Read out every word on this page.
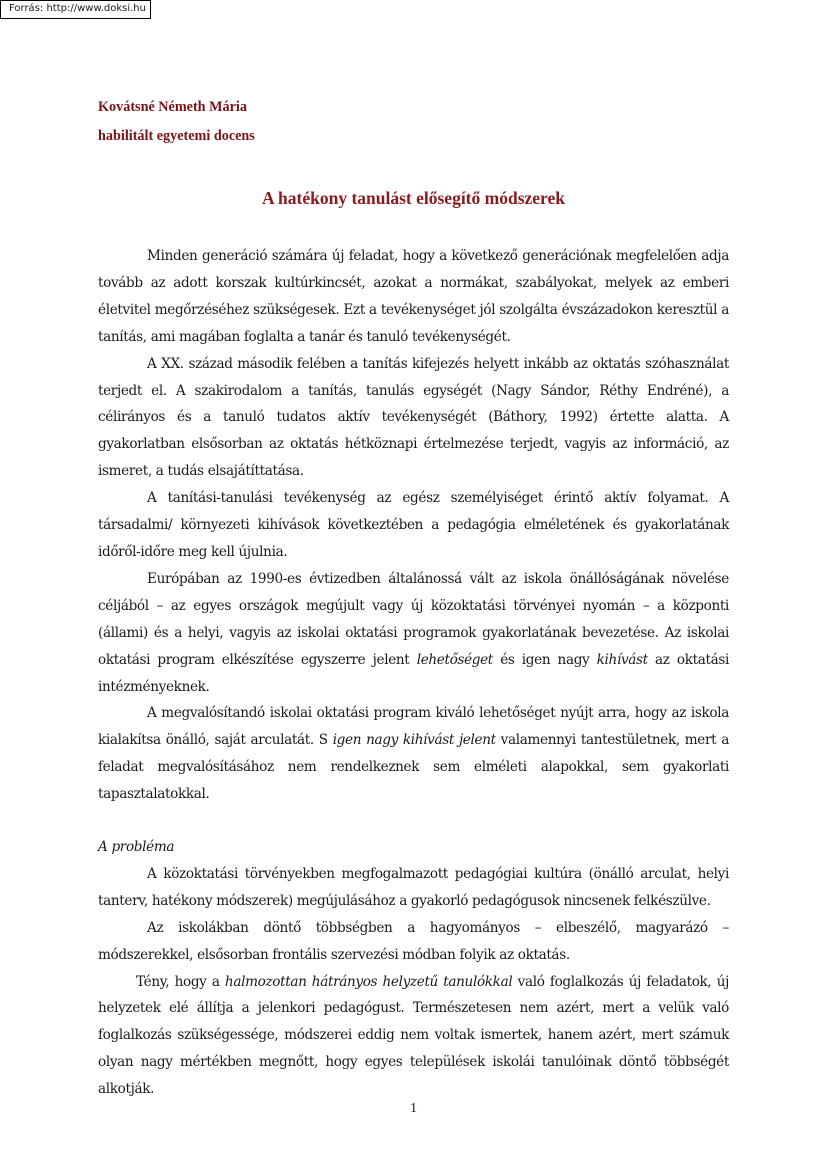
Forrás: http://www.doksi.hu
Kovátsné Németh Mária
habilitált egyetemi docens
A hatékony tanulást elősegítő módszerek

Minden generáció számára új feladat, hogy a következő generációnak megfelelően adja tovább az adott korszak kultúrkincsét, azokat a normákat, szabályokat, melyek az emberi életvitel megőrzéséhez szükségesek. Ezt a tevékenységet jól szolgálta évszázadokon keresztül a tanítás, ami magában foglalta a tanár és tanuló tevékenységét.

A XX. század második felében a tanítás kifejezés helyett inkább az oktatás szóhasználat terjedt el. A szakirodalom a tanítás, tanulás egységét (Nagy Sándor, Réthy Endréné), a célirányos és a tanuló tudatos aktív tevékenységét (Báthory, 1992) értette alatta. A gyakorlatban elsősorban az oktatás hétköznapi értelmezése terjedt, vagyis az információ, az ismeret, a tudás elsajátíttatása.

A tanítási-tanulási tevékenység az egész személyiséget érintő aktív folyamat. A társadalmi/ környezeti kihívások következtében a pedagógia elméletének és gyakorlatának időről-időre meg kell újulnia.

Európában az 1990-es évtizedben általánossá vált az iskola önállóságának növelése céljából – az egyes országok megújult vagy új közoktatási törvényei nyomán – a központi (állami) és a helyi, vagyis az iskolai oktatási programok gyakorlatának bevezetése. Az iskolai oktatási program elkészítése egyszerre jelent lehetőséget és igen nagy kihívást az oktatási intézményeknek.

A megvalósítandó iskolai oktatási program kiváló lehetőséget nyújt arra, hogy az iskola kialakítsa önálló, saját arculatát. S igen nagy kihívást jelent valamennyi tantestületnek, mert a feladat megvalósításához nem rendelkeznek sem elméleti alapokkal, sem gyakorlati tapasztalatokkal.

A probléma

A közoktatási törvényekben megfogalmazott pedagógiai kultúra (önálló arculat, helyi tanterv, hatékony módszerek) megújulásához a gyakorló pedagógusok nincsenek felkészülve.

Az iskolákban döntő többségben a hagyományos – elbeszélő, magyarázó – módszerekkel, elsősorban frontális szervezési módban folyik az oktatás.

Tény, hogy a halmozottan hátrányos helyzetű tanulókkal való foglalkozás új feladatok, új helyzetek elé állítja a jelenkori pedagógust. Természetesen nem azért, mert a velük való foglalkozás szükségessége, módszerei eddig nem voltak ismertek, hanem azért, mert számuk olyan nagy mértékben megnőtt, hogy egyes települések iskolái tanulóinak döntő többségét alkotják.

1
